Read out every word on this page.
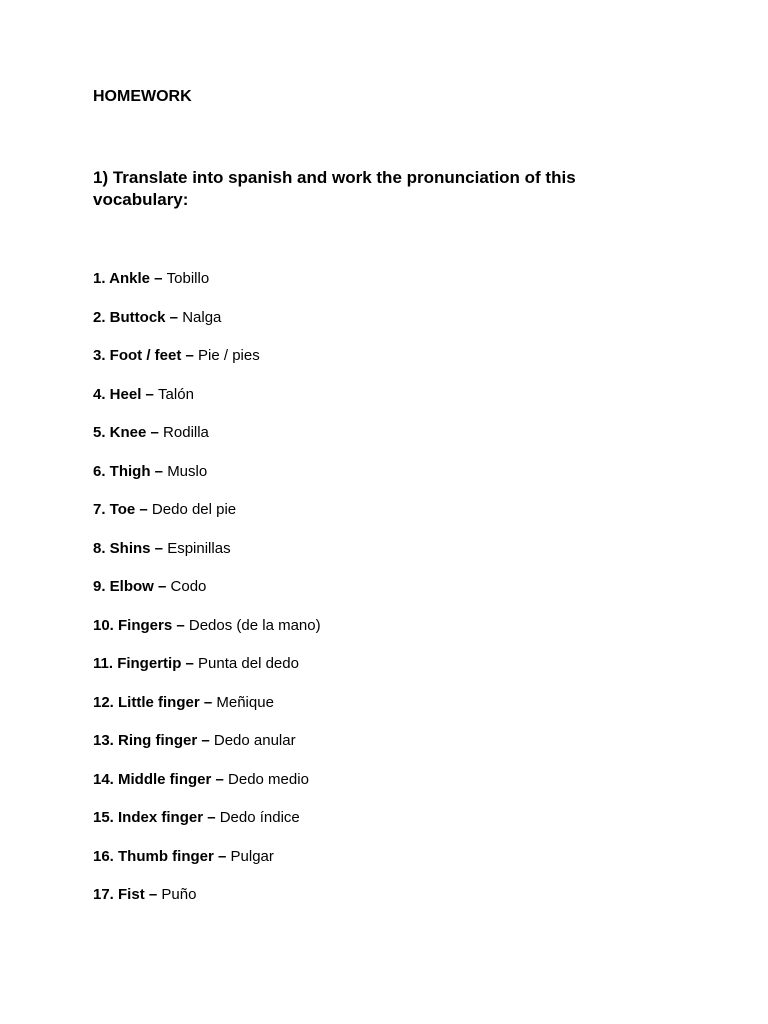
HOMEWORK

1) Translate into spanish and work the pronunciation of this vocabulary:

1. Ankle – Tobillo
2. Buttock – Nalga
3. Foot / feet – Pie / pies
4. Heel – Talón
5. Knee – Rodilla
6. Thigh – Muslo
7. Toe – Dedo del pie
8. Shins – Espinillas
9. Elbow – Codo
10. Fingers – Dedos (de la mano)
11. Fingertip – Punta del dedo
12. Little finger – Meñique
13. Ring finger – Dedo anular
14. Middle finger – Dedo medio
15. Index finger – Dedo índice
16. Thumb finger – Pulgar
17. Fist – Puño
